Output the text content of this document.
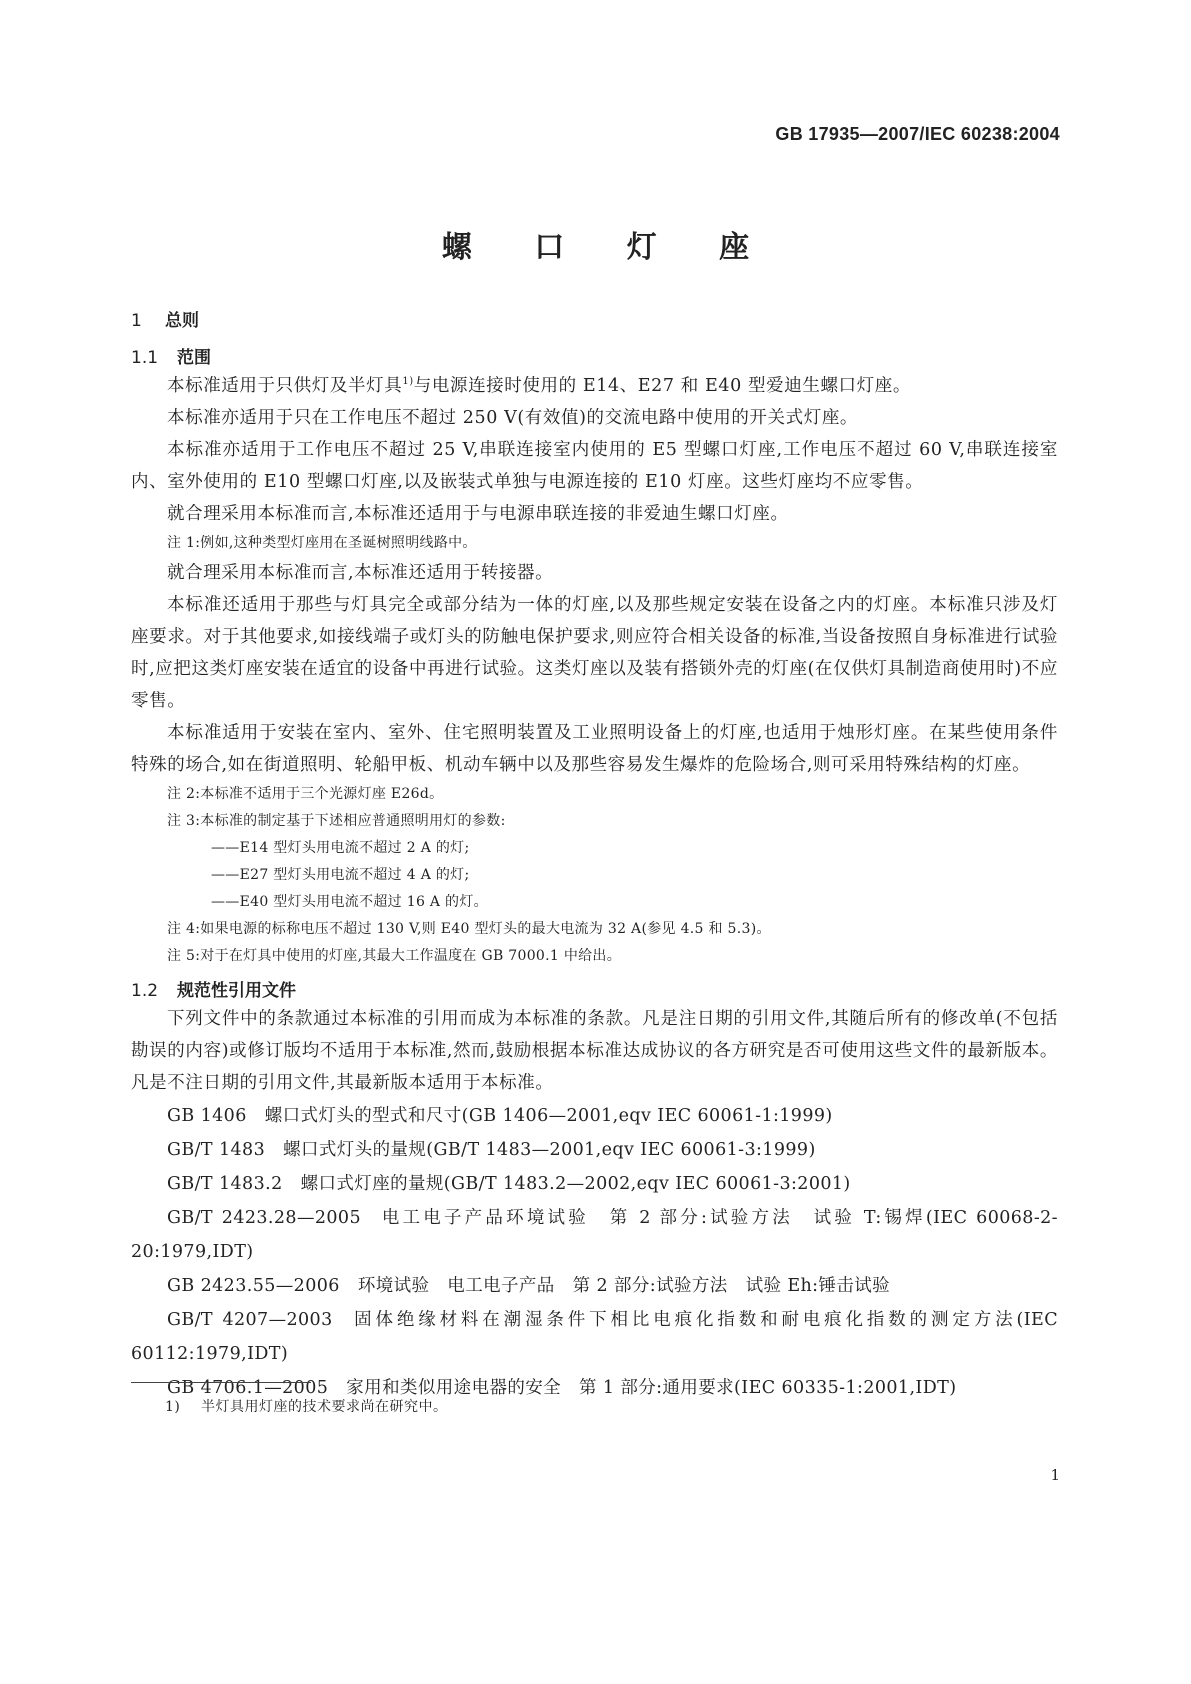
GB 17935—2007/IEC 60238:2004
螺 口 灯 座
1 总则
1.1 范围

本标准适用于只供灯及半灯具$^{1)}$与电源连接时使用的 E14、E27 和 E40 型爱迪生螺口灯座。

本标准亦适用于只在工作电压不超过 250 V(有效值)的交流电路中使用的开关式灯座。

本标准亦适用于工作电压不超过 25 V,串联连接室内使用的 E5 型螺口灯座,工作电压不超过 60 V,串联连接室内、室外使用的 E10 型螺口灯座,以及嵌装式单独与电源连接的 E10 灯座。这些灯座均不应零售。

就合理采用本标准而言,本标准还适用于与电源串联连接的非爱迪生螺口灯座。

注 1:例如,这种类型灯座用在圣诞树照明线路中。

就合理采用本标准而言,本标准还适用于转接器。

本标准还适用于那些与灯具完全或部分结为一体的灯座,以及那些规定安装在设备之内的灯座。本标准只涉及灯座要求。对于其他要求,如接线端子或灯头的防触电保护要求,则应符合相关设备的标准,当设备按照自身标准进行试验时,应把这类灯座安装在适宜的设备中再进行试验。这类灯座以及装有搭锁外壳的灯座(在仅供灯具制造商使用时)不应零售。

本标准适用于安装在室内、室外、住宅照明装置及工业照明设备上的灯座,也适用于烛形灯座。在某些使用条件特殊的场合,如在街道照明、轮船甲板、机动车辆中以及那些容易发生爆炸的危险场合,则可采用特殊结构的灯座。

注 2:本标准不适用于三个光源灯座 E26d。

注 3:本标准的制定基于下述相应普通照明用灯的参数:

——E14 型灯头用电流不超过 2 A 的灯;

——E27 型灯头用电流不超过 4 A 的灯;

——E40 型灯头用电流不超过 16 A 的灯。

注 4:如果电源的标称电压不超过 130 V,则 E40 型灯头的最大电流为 32 A(参见 4.5 和 5.3)。

注 5:对于在灯具中使用的灯座,其最大工作温度在 GB 7000.1 中给出。

1.2 规范性引用文件

下列文件中的条款通过本标准的引用而成为本标准的条款。凡是注日期的引用文件,其随后所有的修改单(不包括勘误的内容)或修订版均不适用于本标准,然而,鼓励根据本标准达成协议的各方研究是否可使用这些文件的最新版本。凡是不注日期的引用文件,其最新版本适用于本标准。

GB 1406 螺口式灯头的型式和尺寸(GB 1406—2001,eqv IEC 60061-1:1999)

GB/T 1483 螺口式灯头的量规(GB/T 1483—2001,eqv IEC 60061-3:1999)

GB/T 1483.2 螺口式灯座的量规(GB/T 1483.2—2002,eqv IEC 60061-3:2001)

GB/T 2423.28—2005 电工电子产品环境试验　第 2 部分:试验方法　试验 T:锡焊(IEC 60068-2-20:1979,IDT)

GB 2423.55—2006 环境试验　电工电子产品　第 2 部分:试验方法　试验 Eh:锤击试验

GB/T 4207—2003 固体绝缘材料在潮湿条件下相比电痕化指数和耐电痕化指数的测定方法(IEC 60112:1979,IDT)

GB 4706.1—2005 家用和类似用途电器的安全　第 1 部分:通用要求(IEC 60335-1:2001,IDT)

1) 半灯具用灯座的技术要求尚在研究中。
1
